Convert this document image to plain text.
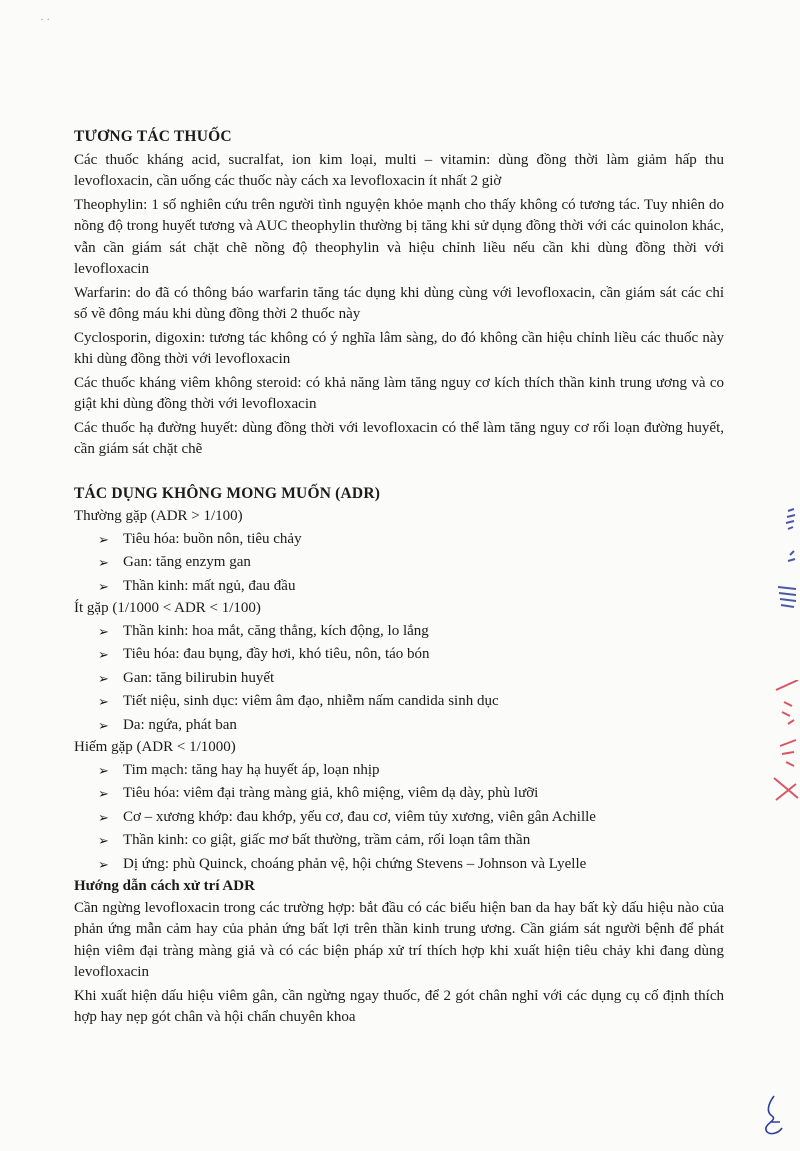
· ·

TƯƠNG TÁC THUỐC

Các thuốc kháng acid, sucralfat, ion kim loại, multi – vitamin: dùng đồng thời làm giảm hấp thu levofloxacin, cần uống các thuốc này cách xa levofloxacin ít nhất 2 giờ

Theophylin: 1 số nghiên cứu trên người tình nguyện khỏe mạnh cho thấy không có tương tác. Tuy nhiên do nồng độ trong huyết tương và AUC theophylin thường bị tăng khi sử dụng đồng thời với các quinolon khác, vẫn cần giám sát chặt chẽ nồng độ theophylin và hiệu chỉnh liều nếu cần khi dùng đồng thời với levofloxacin

Warfarin: do đã có thông báo warfarin tăng tác dụng khi dùng cùng với levofloxacin, cần giám sát các chỉ số về đông máu khi dùng đồng thời 2 thuốc này

Cyclosporin, digoxin: tương tác không có ý nghĩa lâm sàng, do đó không cần hiệu chỉnh liều các thuốc này khi dùng đồng thời với levofloxacin

Các thuốc kháng viêm không steroid: có khả năng làm tăng nguy cơ kích thích thần kinh trung ương và co giật khi dùng đồng thời với levofloxacin

Các thuốc hạ đường huyết: dùng đồng thời với levofloxacin có thể làm tăng nguy cơ rối loạn đường huyết, cần giám sát chặt chẽ

TÁC DỤNG KHÔNG MONG MUỐN (ADR)

Thường gặp (ADR > 1/100)

➢ Tiêu hóa: buồn nôn, tiêu chảy
➢ Gan: tăng enzym gan
➢ Thần kinh: mất ngủ, đau đầu

Ít gặp (1/1000 < ADR < 1/100)

➢ Thần kinh: hoa mắt, căng thẳng, kích động, lo lắng
➢ Tiêu hóa: đau bụng, đầy hơi, khó tiêu, nôn, táo bón
➢ Gan: tăng bilirubin huyết
➢ Tiết niệu, sinh dục: viêm âm đạo, nhiễm nấm candida sinh dục
➢ Da: ngứa, phát ban

Hiếm gặp (ADR < 1/1000)

➢ Tim mạch: tăng hay hạ huyết áp, loạn nhịp
➢ Tiêu hóa: viêm đại tràng màng giả, khô miệng, viêm dạ dày, phù lưỡi
➢ Cơ – xương khớp: đau khớp, yếu cơ, đau cơ, viêm tủy xương, viên gân Achille
➢ Thần kinh: co giật, giấc mơ bất thường, trầm cảm, rối loạn tâm thần
➢ Dị ứng: phù Quinck, choáng phản vệ, hội chứng Stevens – Johnson và Lyelle

Hướng dẫn cách xử trí ADR

Cần ngừng levofloxacin trong các trường hợp: bắt đầu có các biểu hiện ban da hay bất kỳ dấu hiệu nào của phản ứng mẫn cảm hay của phản ứng bất lợi trên thần kinh trung ương. Cần giám sát người bệnh để phát hiện viêm đại tràng màng giả và có các biện pháp xử trí thích hợp khi xuất hiện tiêu chảy khi đang dùng levofloxacin

Khi xuất hiện dấu hiệu viêm gân, cần ngừng ngay thuốc, để 2 gót chân nghỉ với các dụng cụ cố định thích hợp hay nẹp gót chân và hội chẩn chuyên khoa
